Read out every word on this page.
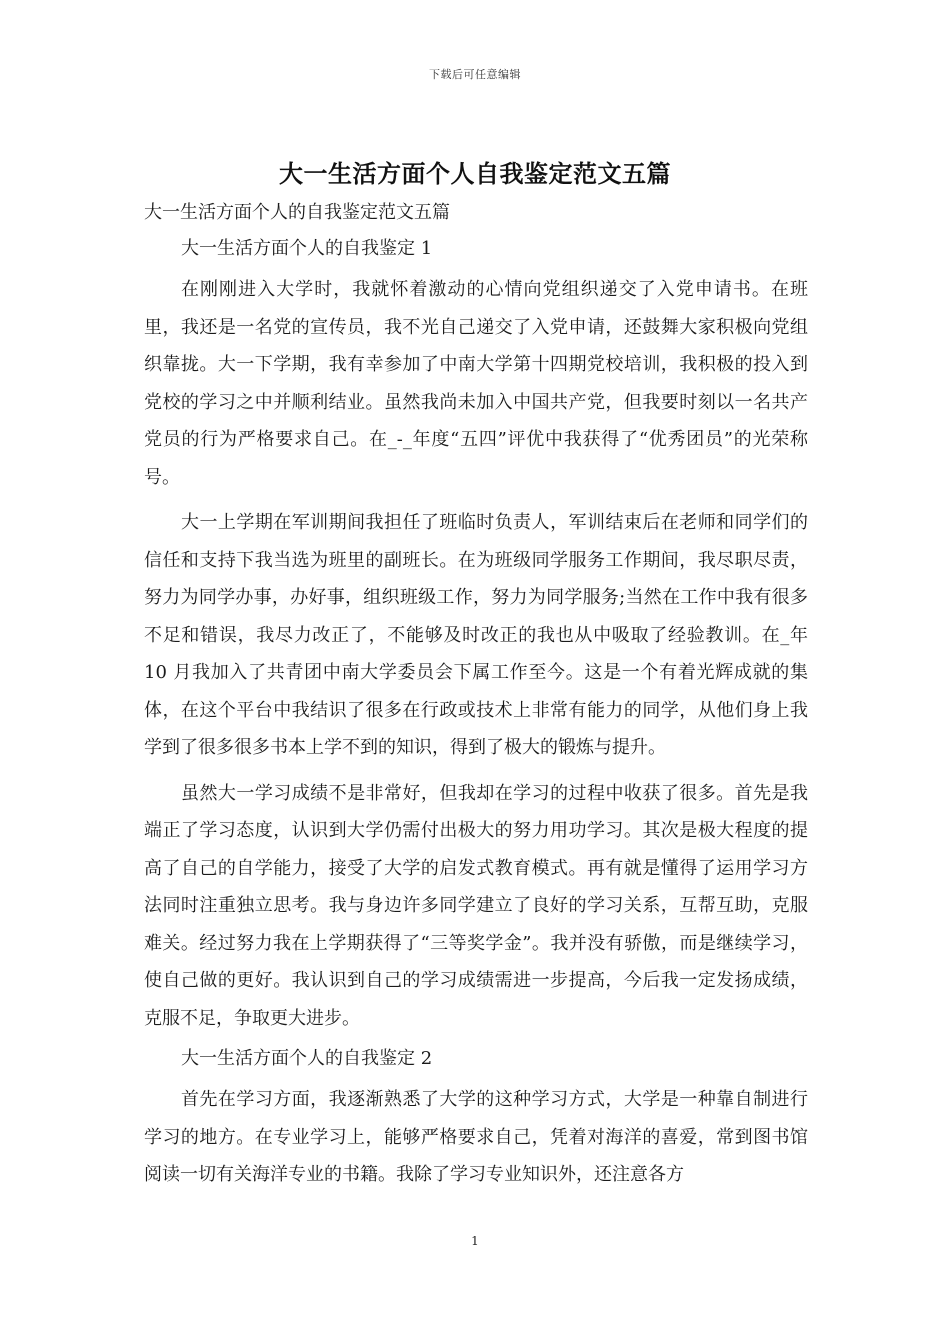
下载后可任意编辑
大一生活方面个人自我鉴定范文五篇

大一生活方面个人的自我鉴定范文五篇

大一生活方面个人的自我鉴定 1

在刚刚进入大学时，我就怀着激动的心情向党组织递交了入党申请书。在班里，我还是一名党的宣传员，我不光自己递交了入党申请，还鼓舞大家积极向党组织靠拢。大一下学期，我有幸参加了中南大学第十四期党校培训，我积极的投入到党校的学习之中并顺利结业。虽然我尚未加入中国共产党，但我要时刻以一名共产党员的行为严格要求自己。在_-_年度“五四”评优中我获得了“优秀团员”的光荣称号。

大一上学期在军训期间我担任了班临时负责人，军训结束后在老师和同学们的信任和支持下我当选为班里的副班长。在为班级同学服务工作期间，我尽职尽责，努力为同学办事，办好事，组织班级工作，努力为同学服务;当然在工作中我有很多不足和错误，我尽力改正了，不能够及时改正的我也从中吸取了经验教训。在_年 10 月我加入了共青团中南大学委员会下属工作至今。这是一个有着光辉成就的集体，在这个平台中我结识了很多在行政或技术上非常有能力的同学，从他们身上我学到了很多很多书本上学不到的知识，得到了极大的锻炼与提升。

虽然大一学习成绩不是非常好，但我却在学习的过程中收获了很多。首先是我端正了学习态度，认识到大学仍需付出极大的努力用功学习。其次是极大程度的提高了自己的自学能力，接受了大学的启发式教育模式。再有就是懂得了运用学习方法同时注重独立思考。我与身边许多同学建立了良好的学习关系，互帮互助，克服难关。经过努力我在上学期获得了“三等奖学金”。我并没有骄傲，而是继续学习，使自己做的更好。我认识到自己的学习成绩需进一步提高，今后我一定发扬成绩，克服不足，争取更大进步。

大一生活方面个人的自我鉴定 2

首先在学习方面，我逐渐熟悉了大学的这种学习方式，大学是一种靠自制进行学习的地方。在专业学习上，能够严格要求自己，凭着对海洋的喜爱，常到图书馆阅读一切有关海洋专业的书籍。我除了学习专业知识外，还注意各方

1
